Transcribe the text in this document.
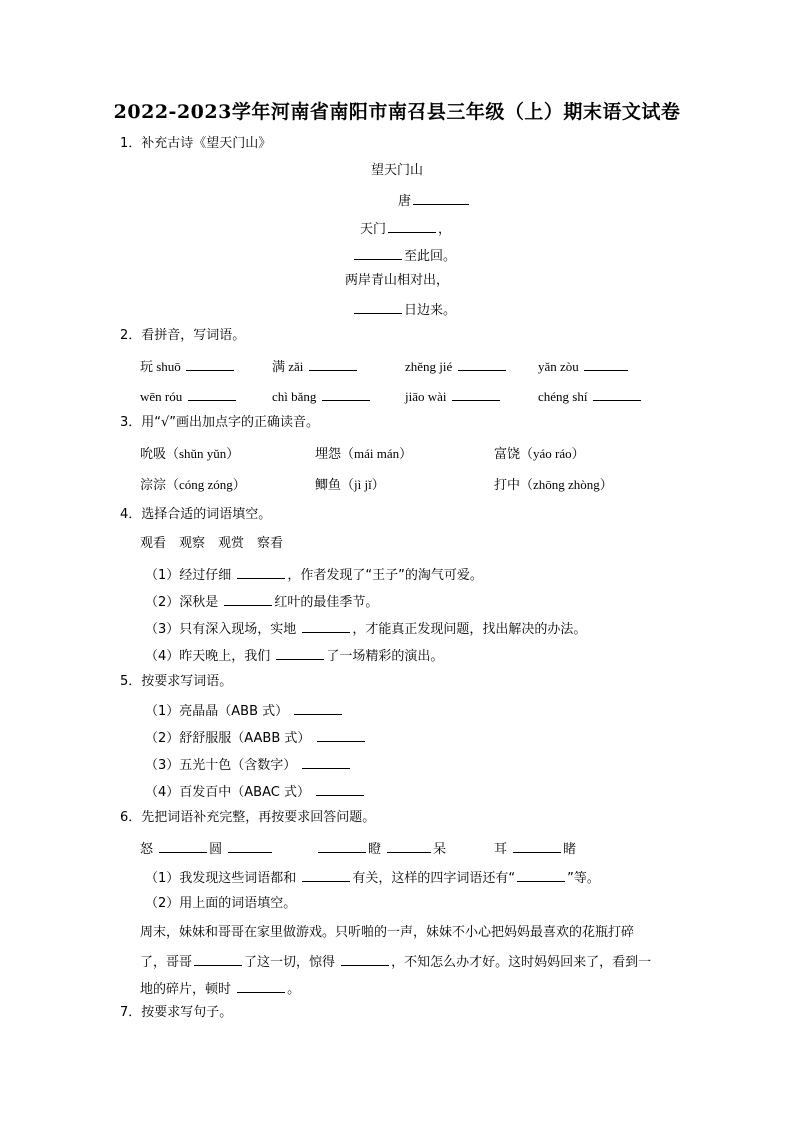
2022-2023学年河南省南阳市南召县三年级（上）期末语文试卷
1．补充古诗《望天门山》
望天门山
唐
天门	，
至此回。
两岸青山相对出，
日边来。
2．看拼音，写词语。
玩 shuō	满 zǎi	zhěng jié	yǎn zòu
wēn róu	chì bǎng	jiāo wài	chéng shí
3．用“√”画出加点字的正确读音。
吮吸（shǔn yǔn）	埋怨（mái mán）	富饶（yáo ráo）
淙淙（cóng zóng）	鲫鱼（jì jǐ）	打中（zhōng zhòng）
4．选择合适的词语填空。
观看　观察　观赏　察看
（1）经过仔细	，作者发现了“王子”的淘气可爱。
（2）深秋是	红叶的最佳季节。
（3）只有深入现场，实地	，才能真正发现问题，找出解决的办法。
（4）昨天晚上，我们	了一场精彩的演出。
5．按要求写词语。
（1）亮晶晶（ABB 式）
（2）舒舒服服（AABB 式）
（3）五光十色（含数字）
（4）百发百中（ABAC 式）
6．先把词语补充完整，再按要求回答问题。
怒	圆	瞪	呆	耳	睹
（1）我发现这些词语都和	有关，这样的四字词语还有“	”等。
（2）用上面的词语填空。
周末，妹妹和哥哥在家里做游戏。只听啪的一声，妹妹不小心把妈妈最喜欢的花瓶打碎
了，哥哥	了这一切，惊得	，不知怎么办才好。这时妈妈回来了，看到一
地的碎片，顿时	。
7．按要求写句子。
